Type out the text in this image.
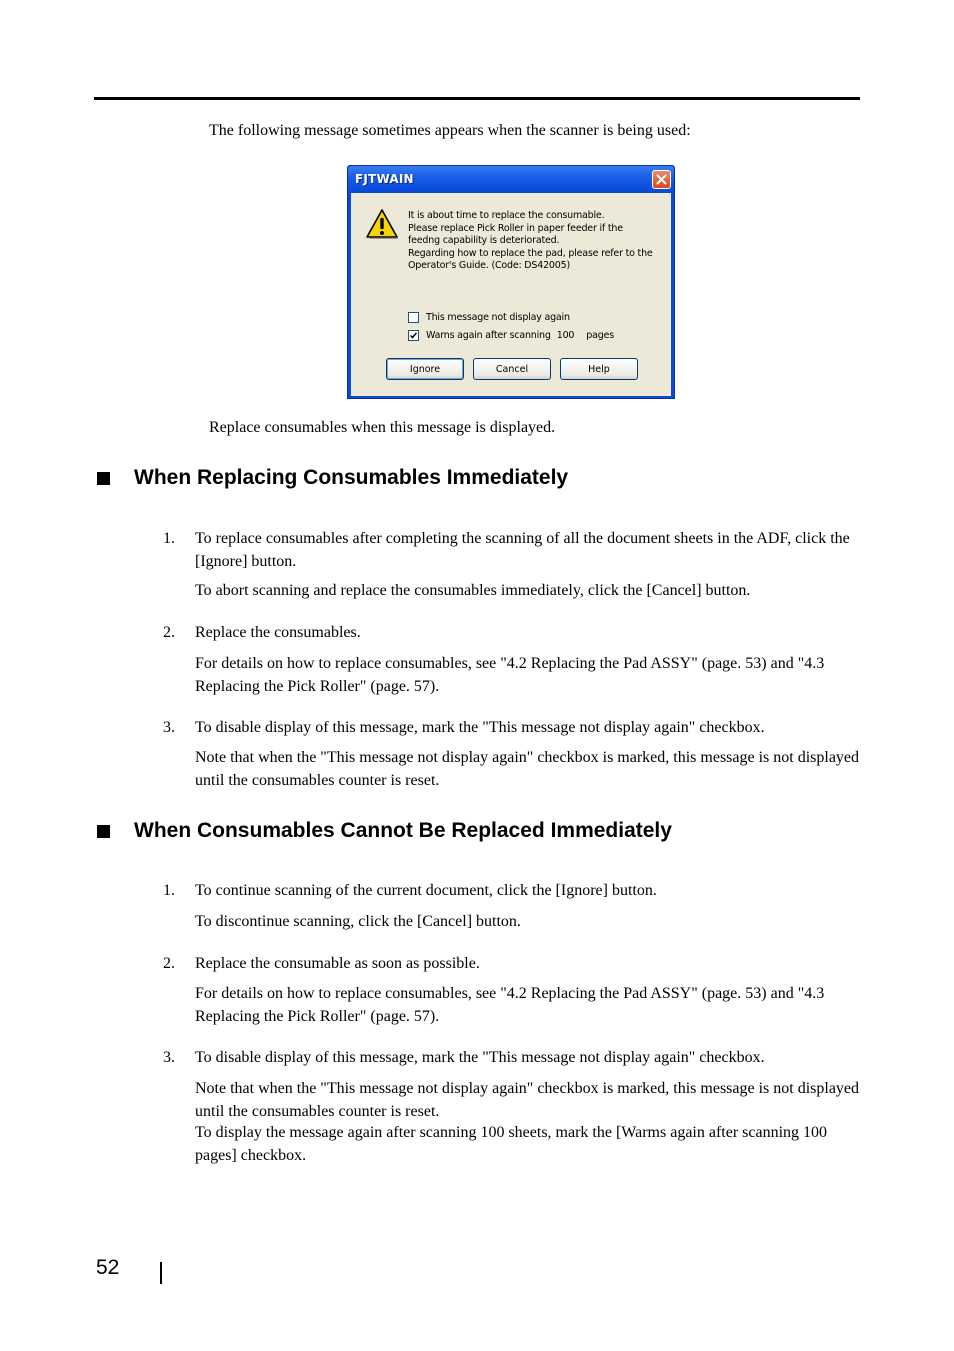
The following message sometimes appears when the scanner is being used:

FJTWAIN
It is about time to replace the consumable.
Please replace Pick Roller in paper feeder if the
feedng capability is deteriorated.
Regarding how to replace the pad, please refer to the
Operator's Guide. (Code: DS42005)
This message not display again
Warns again after scanning 100 pages
Ignore	Cancel	Help

Replace consumables when this message is displayed.

When Replacing Consumables Immediately
1. To replace consumables after completing the scanning of all the document sheets in the ADF, click the [Ignore] button.

To abort scanning and replace the consumables immediately, click the [Cancel] button.

2. Replace the consumables.

For details on how to replace consumables, see "4.2 Replacing the Pad ASSY" (page. 53) and "4.3 Replacing the Pick Roller" (page. 57).

3. To disable display of this message, mark the "This message not display again" checkbox.

Note that when the "This message not display again" checkbox is marked, this message is not displayed until the consumables counter is reset.

When Consumables Cannot Be Replaced Immediately
1. To continue scanning of the current document, click the [Ignore] button.

To discontinue scanning, click the [Cancel] button.

2. Replace the consumable as soon as possible.

For details on how to replace consumables, see "4.2 Replacing the Pad ASSY" (page. 53) and "4.3 Replacing the Pick Roller" (page. 57).

3. To disable display of this message, mark the "This message not display again" checkbox.

Note that when the "This message not display again" checkbox is marked, this message is not displayed until the consumables counter is reset.

To display the message again after scanning 100 sheets, mark the [Warms again after scanning 100 pages] checkbox.

52
